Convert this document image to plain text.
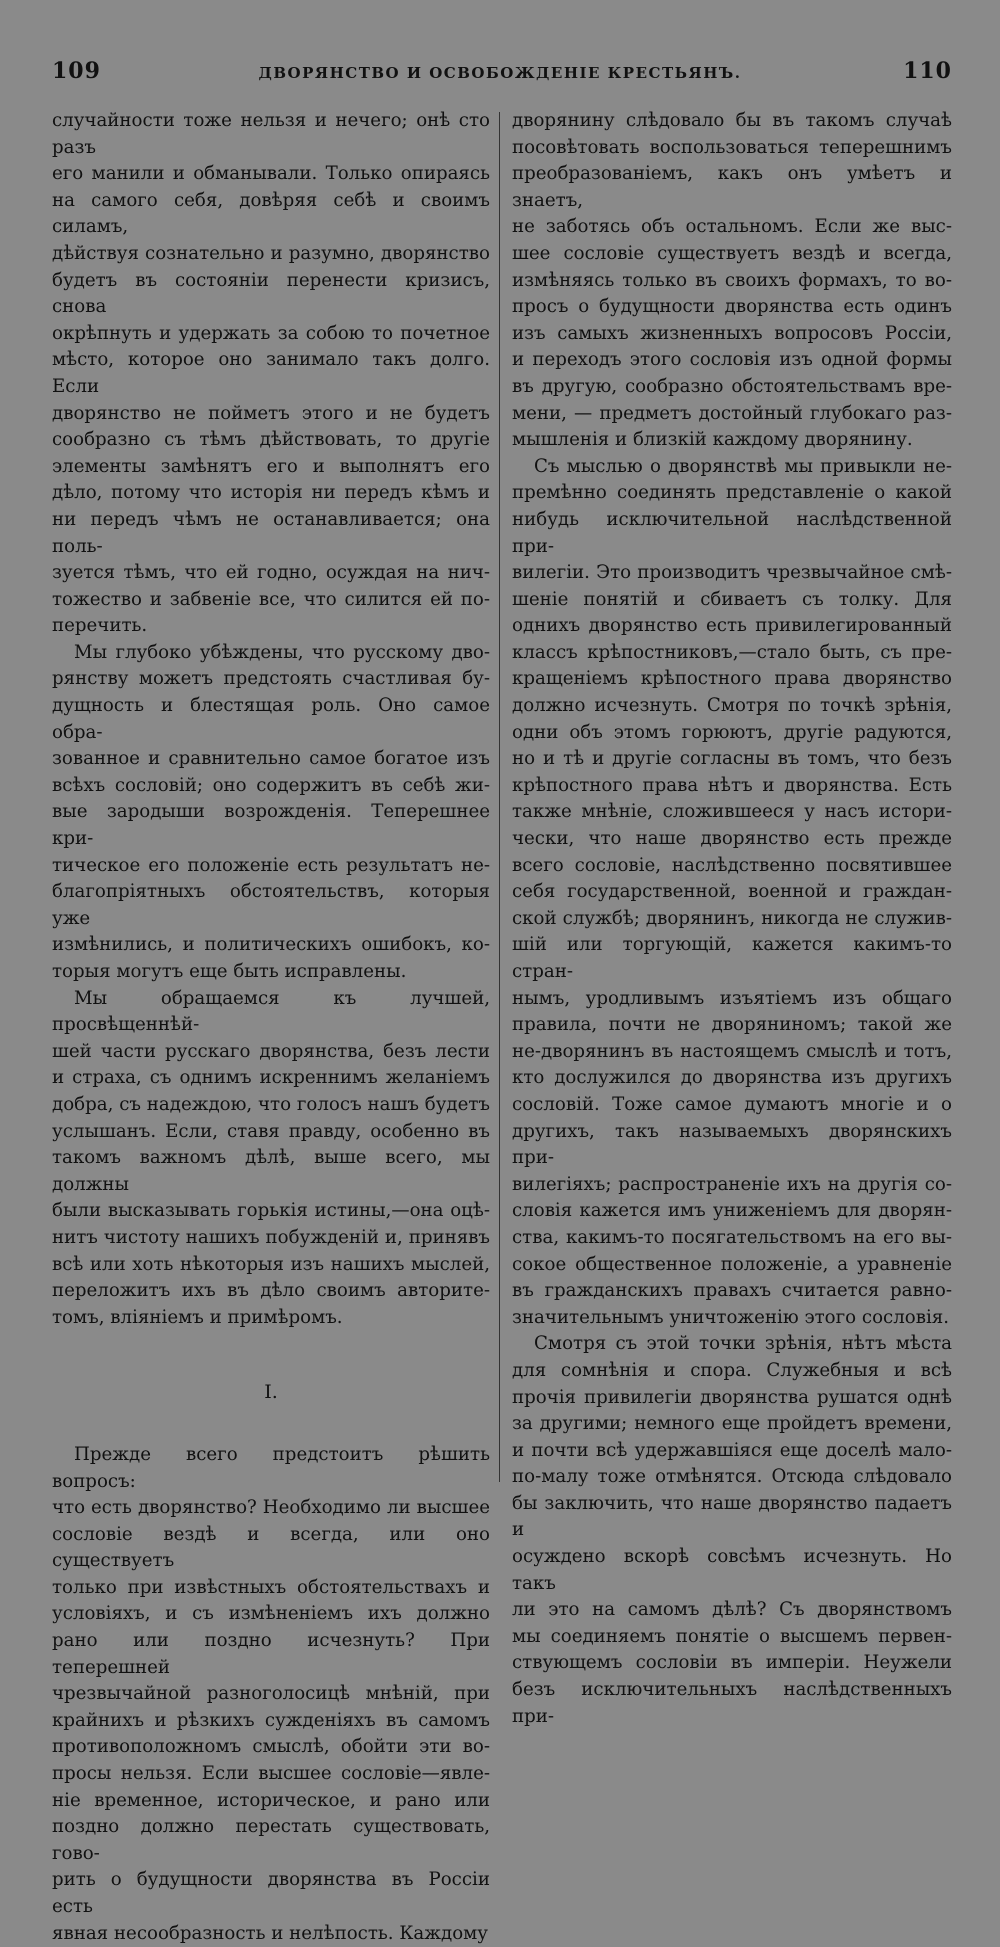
109	ДВОРЯНСТВО И ОСВОБОЖДЕНІЕ КРЕСТЬЯНЪ.	110

случайности тоже нельзя и нечего; онѣ сто разъ
его манили и обманывали. Только опираясь
на самого себя, довѣряя себѣ и своимъ силамъ,
дѣйствуя сознательно и разумно, дворянство
будетъ въ состояніи перенести кризисъ, снова
окрѣпнуть и удержать за собою то почетное
мѣсто, которое оно занимало такъ долго. Если
дворянство не пойметъ этого и не будетъ
сообразно съ тѣмъ дѣйствовать, то другіе
элементы замѣнятъ его и выполнятъ его
дѣло, потому что исторія ни передъ кѣмъ и
ни передъ чѣмъ не останавливается; она поль-
зуется тѣмъ, что ей годно, осуждая на нич-
тожество и забвеніе все, что силится ей по-
перечить.

Мы глубоко убѣждены, что русскому дво-
рянству можетъ предстоять счастливая бу-
дущность и блестящая роль. Оно самое обра-
зованное и сравнительно самое богатое изъ
всѣхъ сословій; оно содержитъ въ себѣ жи-
вые зародыши возрожденія. Теперешнее кри-
тическое его положеніе есть результатъ не-
благопріятныхъ обстоятельствъ, которыя уже
измѣнились, и политическихъ ошибокъ, ко-
торыя могутъ еще быть исправлены.

Мы обращаемся къ лучшей, просвѣщеннѣй-
шей части русскаго дворянства, безъ лести
и страха, съ однимъ искреннимъ желаніемъ
добра, съ надеждою, что голосъ нашъ будетъ
услышанъ. Если, ставя правду, особенно въ
такомъ важномъ дѣлѣ, выше всего, мы должны
были высказывать горькія истины,—она оцѣ-
нитъ чистоту нашихъ побужденій и, принявъ
всѣ или хоть нѣкоторыя изъ нашихъ мыслей,
переложитъ ихъ въ дѣло своимъ авторите-
томъ, вліяніемъ и примѣромъ.

I.

Прежде всего предстоитъ рѣшить вопросъ:
что есть дворянство? Необходимо ли высшее
сословіе вездѣ и всегда, или оно существуетъ
только при извѣстныхъ обстоятельствахъ и
условіяхъ, и съ измѣненіемъ ихъ должно
рано или поздно исчезнуть? При теперешней
чрезвычайной разноголосицѣ мнѣній, при
крайнихъ и рѣзкихъ сужденіяхъ въ самомъ
противоположномъ смыслѣ, обойти эти во-
просы нельзя. Если высшее сословіе—явле-
ніе временное, историческое, и рано или
поздно должно перестать существовать, гово-
рить о будущности дворянства въ Россіи есть
явная несообразность и нелѣпость. Каждому

дворянину слѣдовало бы въ такомъ случаѣ
посовѣтовать воспользоваться теперешнимъ
преобразованіемъ, какъ онъ умѣетъ и знаетъ,
не заботясь объ остальномъ. Если же выс-
шее сословіе существуетъ вездѣ и всегда,
измѣняясь только въ своихъ формахъ, то во-
просъ о будущности дворянства есть одинъ
изъ самыхъ жизненныхъ вопросовъ Россіи,
и переходъ этого сословія изъ одной формы
въ другую, сообразно обстоятельствамъ вре-
мени, — предметъ достойный глубокаго раз-
мышленія и близкій каждому дворянину.

Съ мыслью о дворянствѣ мы привыкли не-
премѣнно соединять представленіе о какой
нибудь исключительной наслѣдственной при-
вилегіи. Это производитъ чрезвычайное смѣ-
шеніе понятій и сбиваетъ съ толку. Для
однихъ дворянство есть привилегированный
классъ крѣпостниковъ,—стало быть, съ пре-
кращеніемъ крѣпостного права дворянство
должно исчезнуть. Смотря по точкѣ зрѣнія,
одни объ этомъ горюютъ, другіе радуются,
но и тѣ и другіе согласны въ томъ, что безъ
крѣпостного права нѣтъ и дворянства. Есть
также мнѣніе, сложившееся у насъ истори-
чески, что наше дворянство есть прежде
всего сословіе, наслѣдственно посвятившее
себя государственной, военной и граждан-
ской службѣ; дворянинъ, никогда не служив-
шій или торгующій, кажется какимъ-то стран-
нымъ, уродливымъ изъятіемъ изъ общаго
правила, почти не дворяниномъ; такой же
не-дворянинъ въ настоящемъ смыслѣ и тотъ,
кто дослужился до дворянства изъ другихъ
сословій. Тоже самое думаютъ многіе и о
другихъ, такъ называемыхъ дворянскихъ при-
вилегіяхъ; распространеніе ихъ на другія со-
словія кажется имъ униженіемъ для дворян-
ства, какимъ-то посягательствомъ на его вы-
сокое общественное положеніе, а уравненіе
въ гражданскихъ правахъ считается равно-
значительнымъ уничтоженію этого сословія.

Смотря съ этой точки зрѣнія, нѣтъ мѣста
для сомнѣнія и спора. Служебныя и всѣ
прочія привилегіи дворянства рушатся однѣ
за другими; немного еще пройдетъ времени,
и почти всѣ удержавшіяся еще доселѣ мало-
по-малу тоже отмѣнятся. Отсюда слѣдовало
бы заключить, что наше дворянство падаетъ и
осуждено вскорѣ совсѣмъ исчезнуть. Но такъ
ли это на самомъ дѣлѣ? Съ дворянствомъ
мы соединяемъ понятіе о высшемъ первен-
ствующемъ сословіи въ имперіи. Неужели
безъ исключительныхъ наслѣдственныхъ при-
